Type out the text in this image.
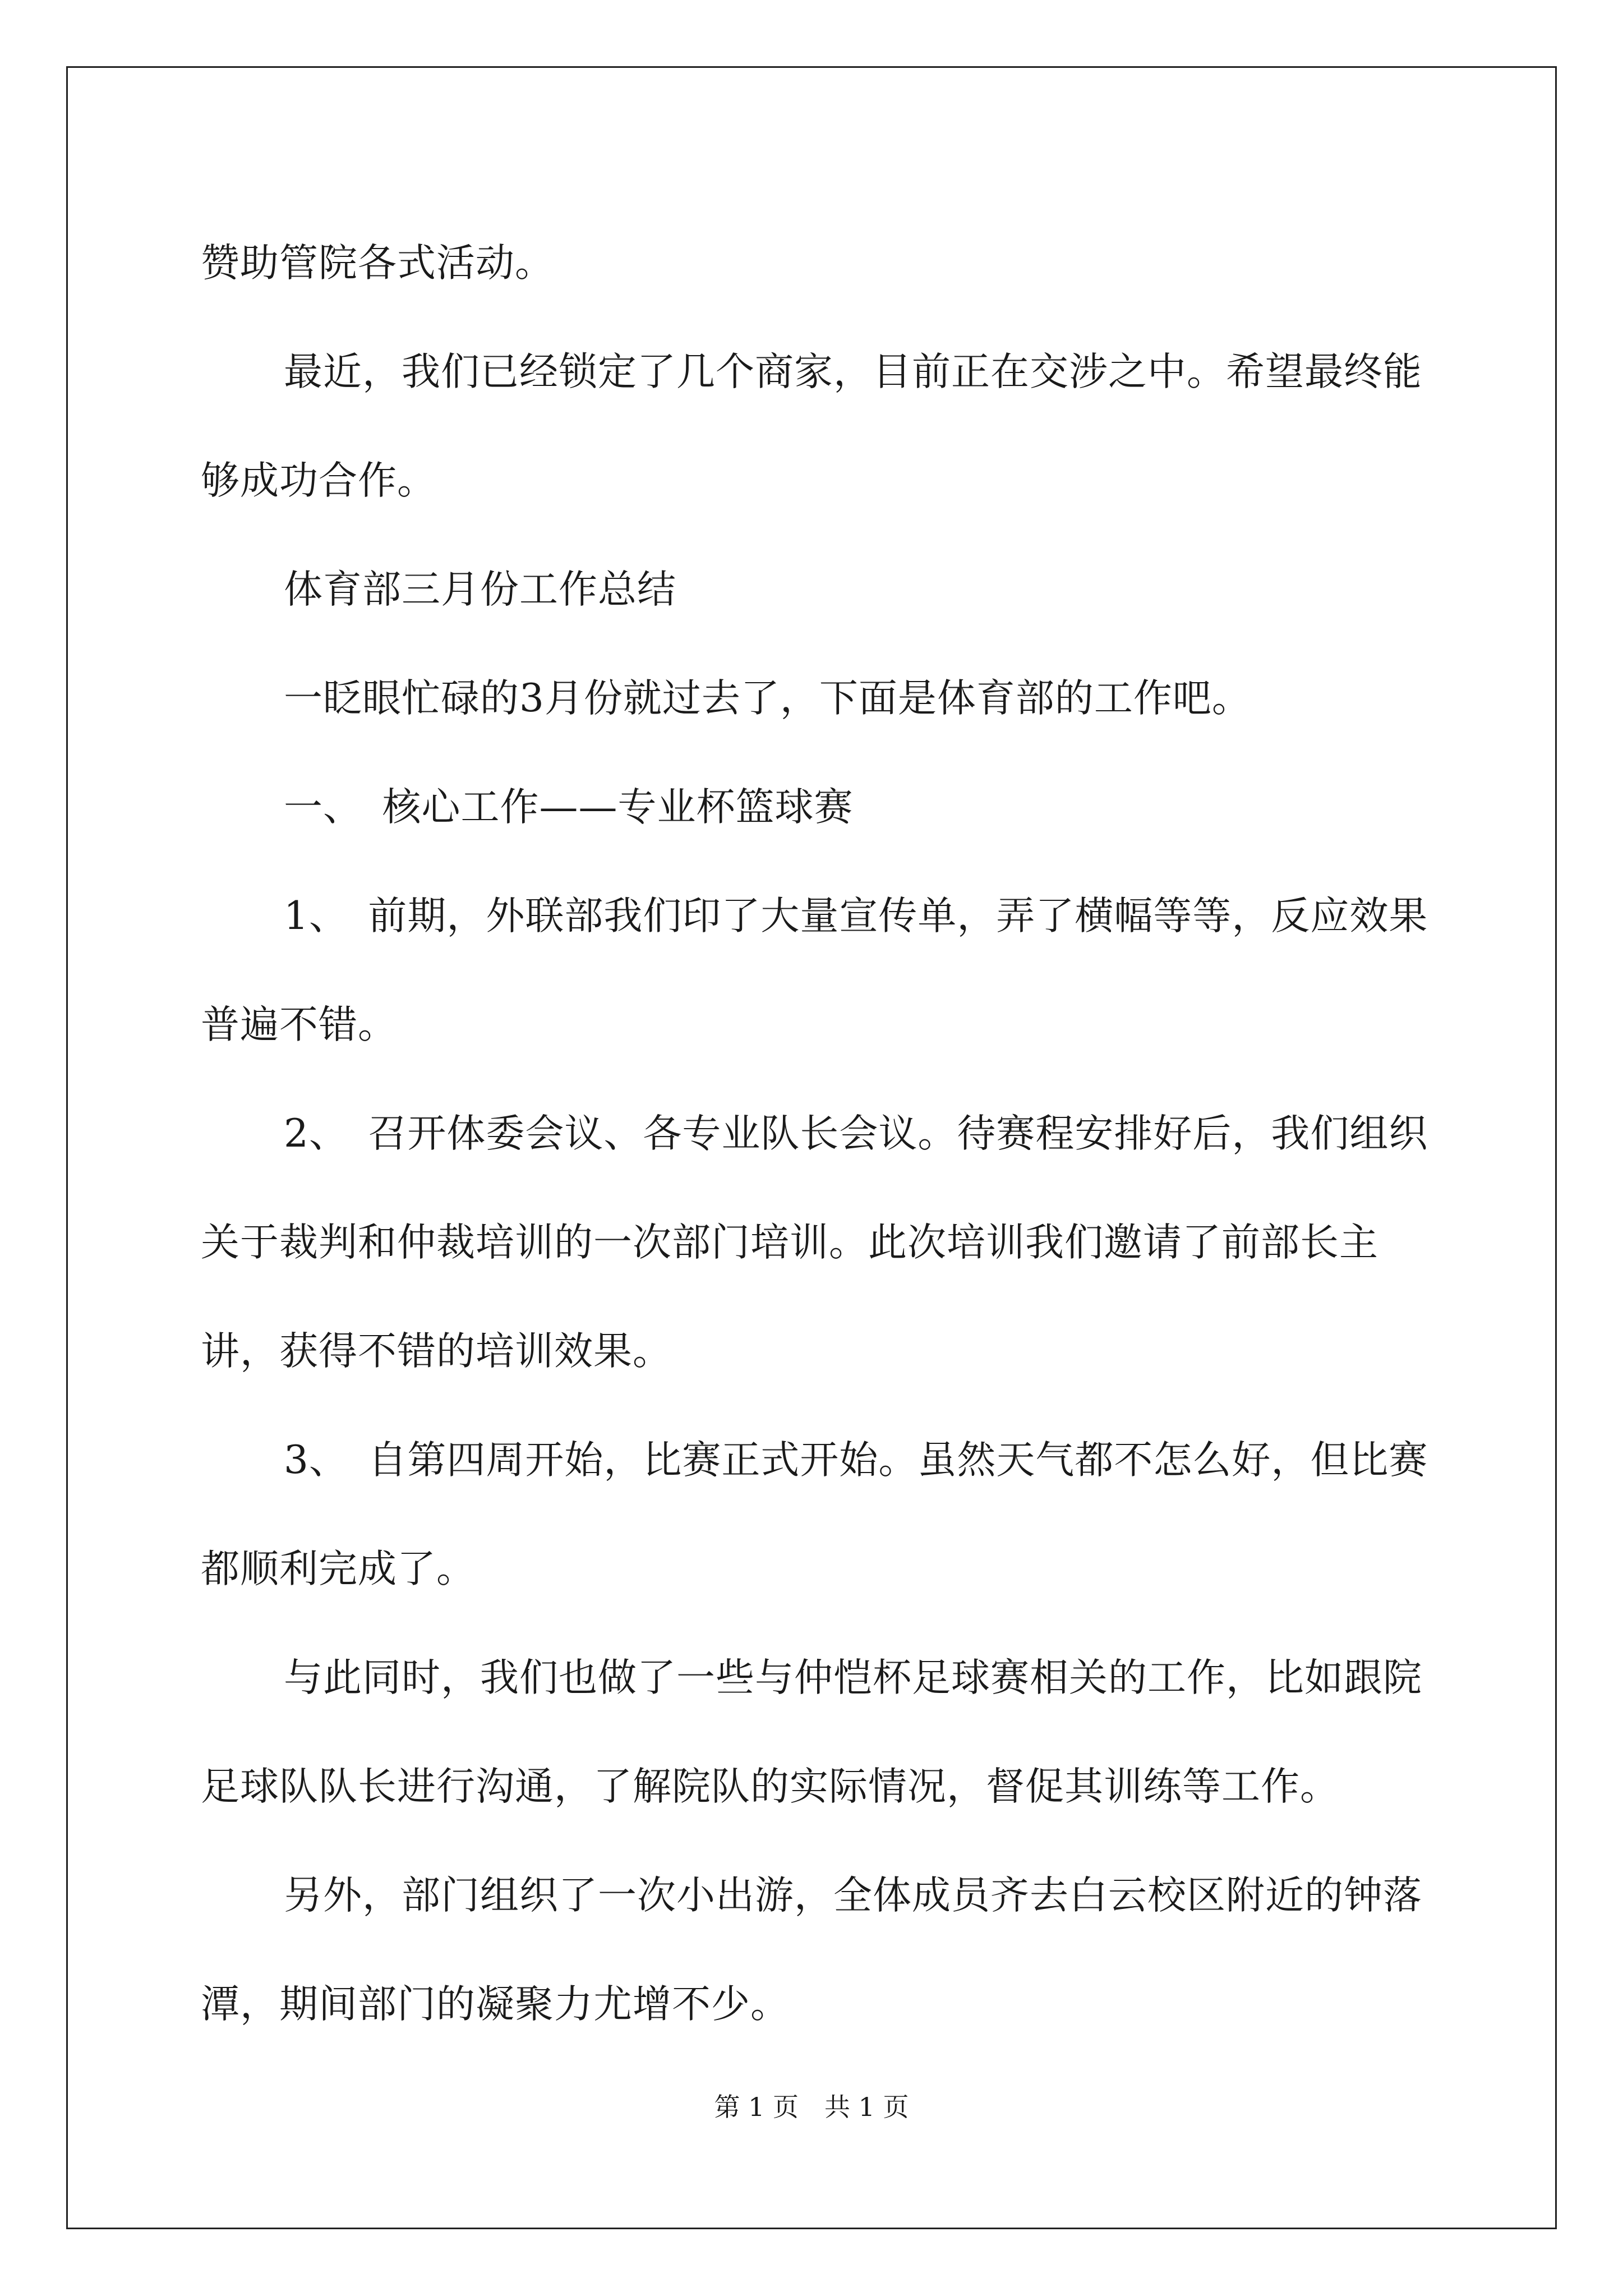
赞助管院各式活动。

最近，我们已经锁定了几个商家，目前正在交涉之中。希望最终能够成功合作。

体育部三月份工作总结

一眨眼忙碌的3月份就过去了，下面是体育部的工作吧。

一、　核心工作——专业杯篮球赛

1、　前期，外联部我们印了大量宣传单，弄了横幅等等，反应效果普遍不错。

2、　召开体委会议、各专业队长会议。待赛程安排好后，我们组织关于裁判和仲裁培训的一次部门培训。此次培训我们邀请了前部长主讲，获得不错的培训效果。

3、　自第四周开始，比赛正式开始。虽然天气都不怎么好，但比赛都顺利完成了。

与此同时，我们也做了一些与仲恺杯足球赛相关的工作，比如跟院足球队队长进行沟通，了解院队的实际情况，督促其训练等工作。

另外，部门组织了一次小出游，全体成员齐去白云校区附近的钟落潭，期间部门的凝聚力尤增不少。

第 1 页　共 1 页
